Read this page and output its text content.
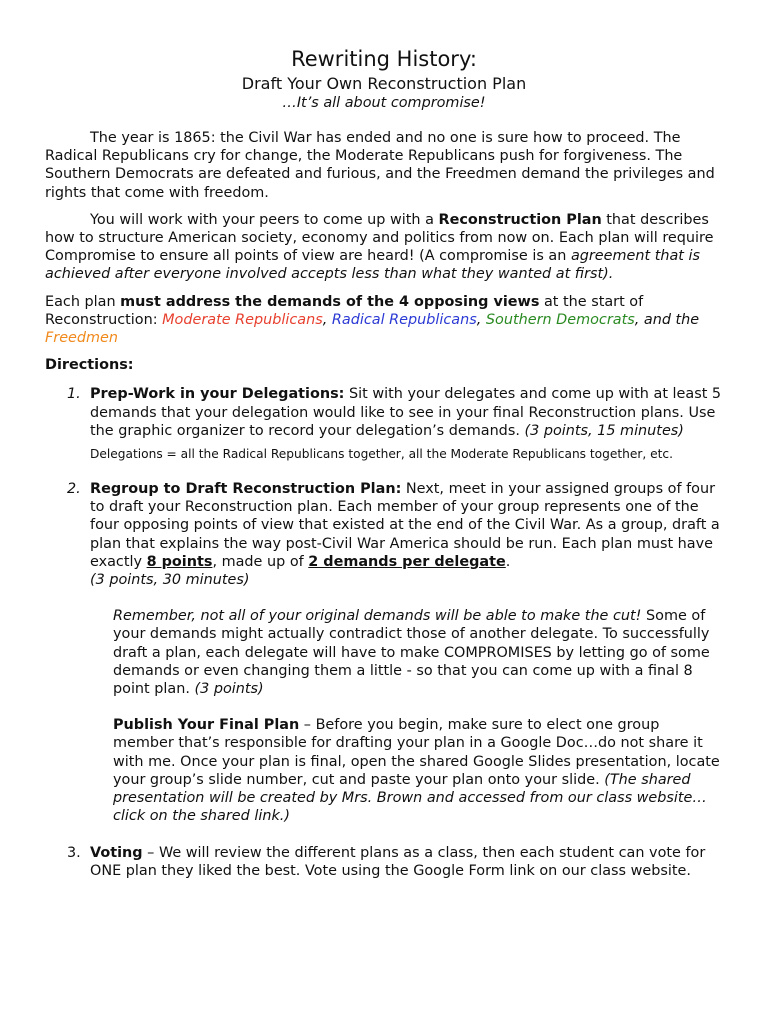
Rewriting History:
Draft Your Own Reconstruction Plan
…It’s all about compromise!

The year is 1865: the Civil War has ended and no one is sure how to proceed. The Radical Republicans cry for change, the Moderate Republicans push for forgiveness. The Southern Democrats are defeated and furious, and the Freedmen demand the privileges and rights that come with freedom.

You will work with your peers to come up with a Reconstruction Plan that describes how to structure American society, economy and politics from now on. Each plan will require Compromise to ensure all points of view are heard! (A compromise is an agreement that is achieved after everyone involved accepts less than what they wanted at first).

Each plan must address the demands of the 4 opposing views at the start of Reconstruction: Moderate Republicans, Radical Republicans, Southern Democrats, and the Freedmen

Directions:
1. Prep-Work in your Delegations: Sit with your delegates and come up with at least 5 demands that your delegation would like to see in your final Reconstruction plans. Use the graphic organizer to record your delegation’s demands. (3 points, 15 minutes)
Delegations = all the Radical Republicans together, all the Moderate Republicans together, etc.
2. Regroup to Draft Reconstruction Plan: Next, meet in your assigned groups of four to draft your Reconstruction plan. Each member of your group represents one of the four opposing points of view that existed at the end of the Civil War. As a group, draft a plan that explains the way post-Civil War America should be run. Each plan must have exactly 8 points, made up of 2 demands per delegate.
(3 points, 30 minutes)
Remember, not all of your original demands will be able to make the cut! Some of your demands might actually contradict those of another delegate. To successfully draft a plan, each delegate will have to make COMPROMISES by letting go of some demands or even changing them a little - so that you can come up with a final 8 point plan. (3 points)
Publish Your Final Plan – Before you begin, make sure to elect one group member that’s responsible for drafting your plan in a Google Doc…do not share it with me. Once your plan is final, open the shared Google Slides presentation, locate your group’s slide number, cut and paste your plan onto your slide. (The shared presentation will be created by Mrs. Brown and accessed from our class website…click on the shared link.)
3. Voting – We will review the different plans as a class, then each student can vote for ONE plan they liked the best. Vote using the Google Form link on our class website.
